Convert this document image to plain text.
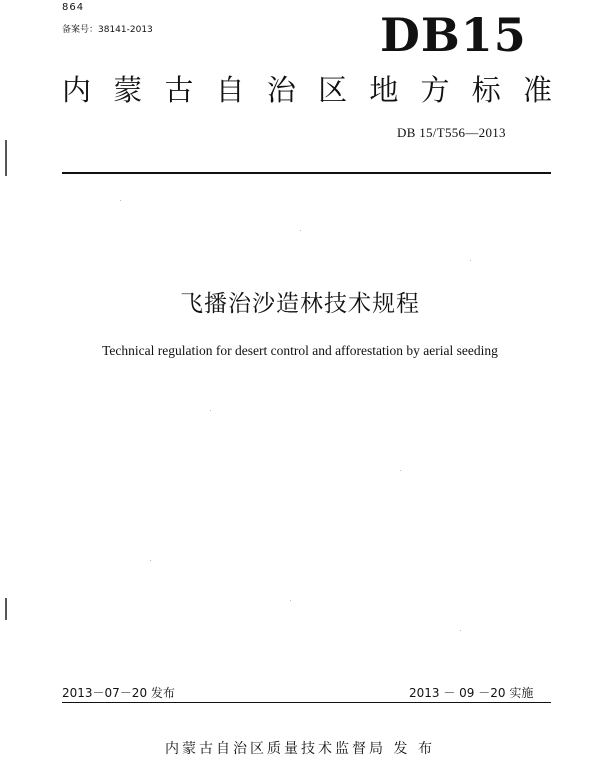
864
备案号：38141-2013	DB15
内 蒙 古 自 治 区 地 方 标 准
DB 15/T556—2013
飞播治沙造林技术规程
Technical regulation for desert control and afforestation by aerial seeding
2013－07－20 发布	2013 － 09 －20 实施
内蒙古自治区质量技术监督局 发 布
